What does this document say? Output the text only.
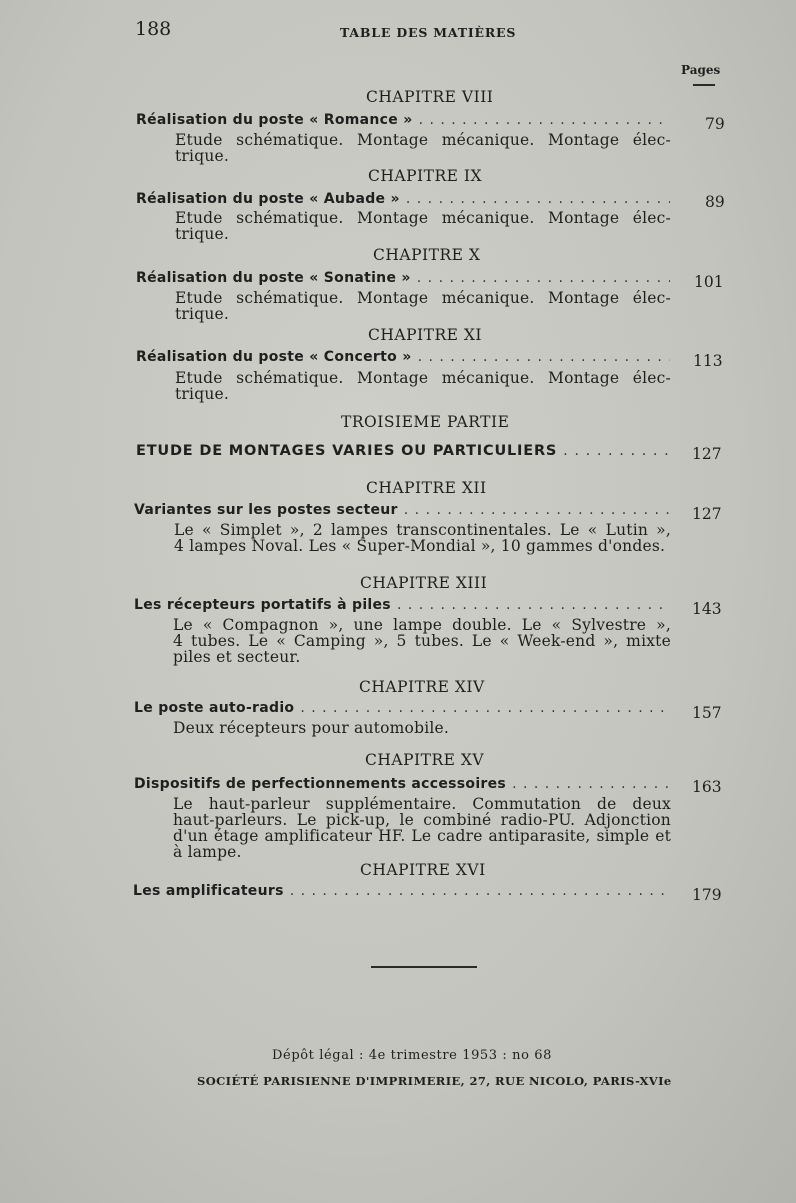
188	TABLE DES MATIÈRES
Pages
CHAPITRE VIII
Réalisation du poste « Romance » . . .	79
Etude schématique. Montage mécanique. Montage élec-
trique.
CHAPITRE IX
Réalisation du poste « Aubade » . . .	89
Etude schématique. Montage mécanique. Montage élec-
trique.
CHAPITRE X
Réalisation du poste « Sonatine » . . .	101
Etude schématique. Montage mécanique. Montage élec-
trique.
CHAPITRE XI
Réalisation du poste « Concerto » . . .	113
Etude schématique. Montage mécanique. Montage élec-
trique.
TROISIEME PARTIE
ETUDE DE MONTAGES VARIES OU PARTICULIERS . . .	127
CHAPITRE XII
Variantes sur les postes secteur . . .	127
Le « Simplet », 2 lampes transcontinentales. Le « Lutin »,
4 lampes Noval. Les « Super-Mondial », 10 gammes d'ondes.
CHAPITRE XIII
Les récepteurs portatifs à piles . . .	143
Le « Compagnon », une lampe double. Le « Sylvestre »,
4 tubes. Le « Camping », 5 tubes. Le « Week-end », mixte piles et secteur.
CHAPITRE XIV
Le poste auto-radio . . .	157
Deux récepteurs pour automobile.
CHAPITRE XV
Dispositifs de perfectionnements accessoires . . .	163
Le haut-parleur supplémentaire. Commutation de deux
haut-parleurs. Le pick-up, le combiné radio-PU. Adjonction d'un étage amplificateur HF. Le cadre antiparasite, simple et à lampe.
CHAPITRE XVI
Les amplificateurs . . .	179
Dépôt légal : 4e trimestre 1953 : no 68
SOCIÉTÉ PARISIENNE D'IMPRIMERIE, 27, RUE NICOLO, PARIS-XVIe
